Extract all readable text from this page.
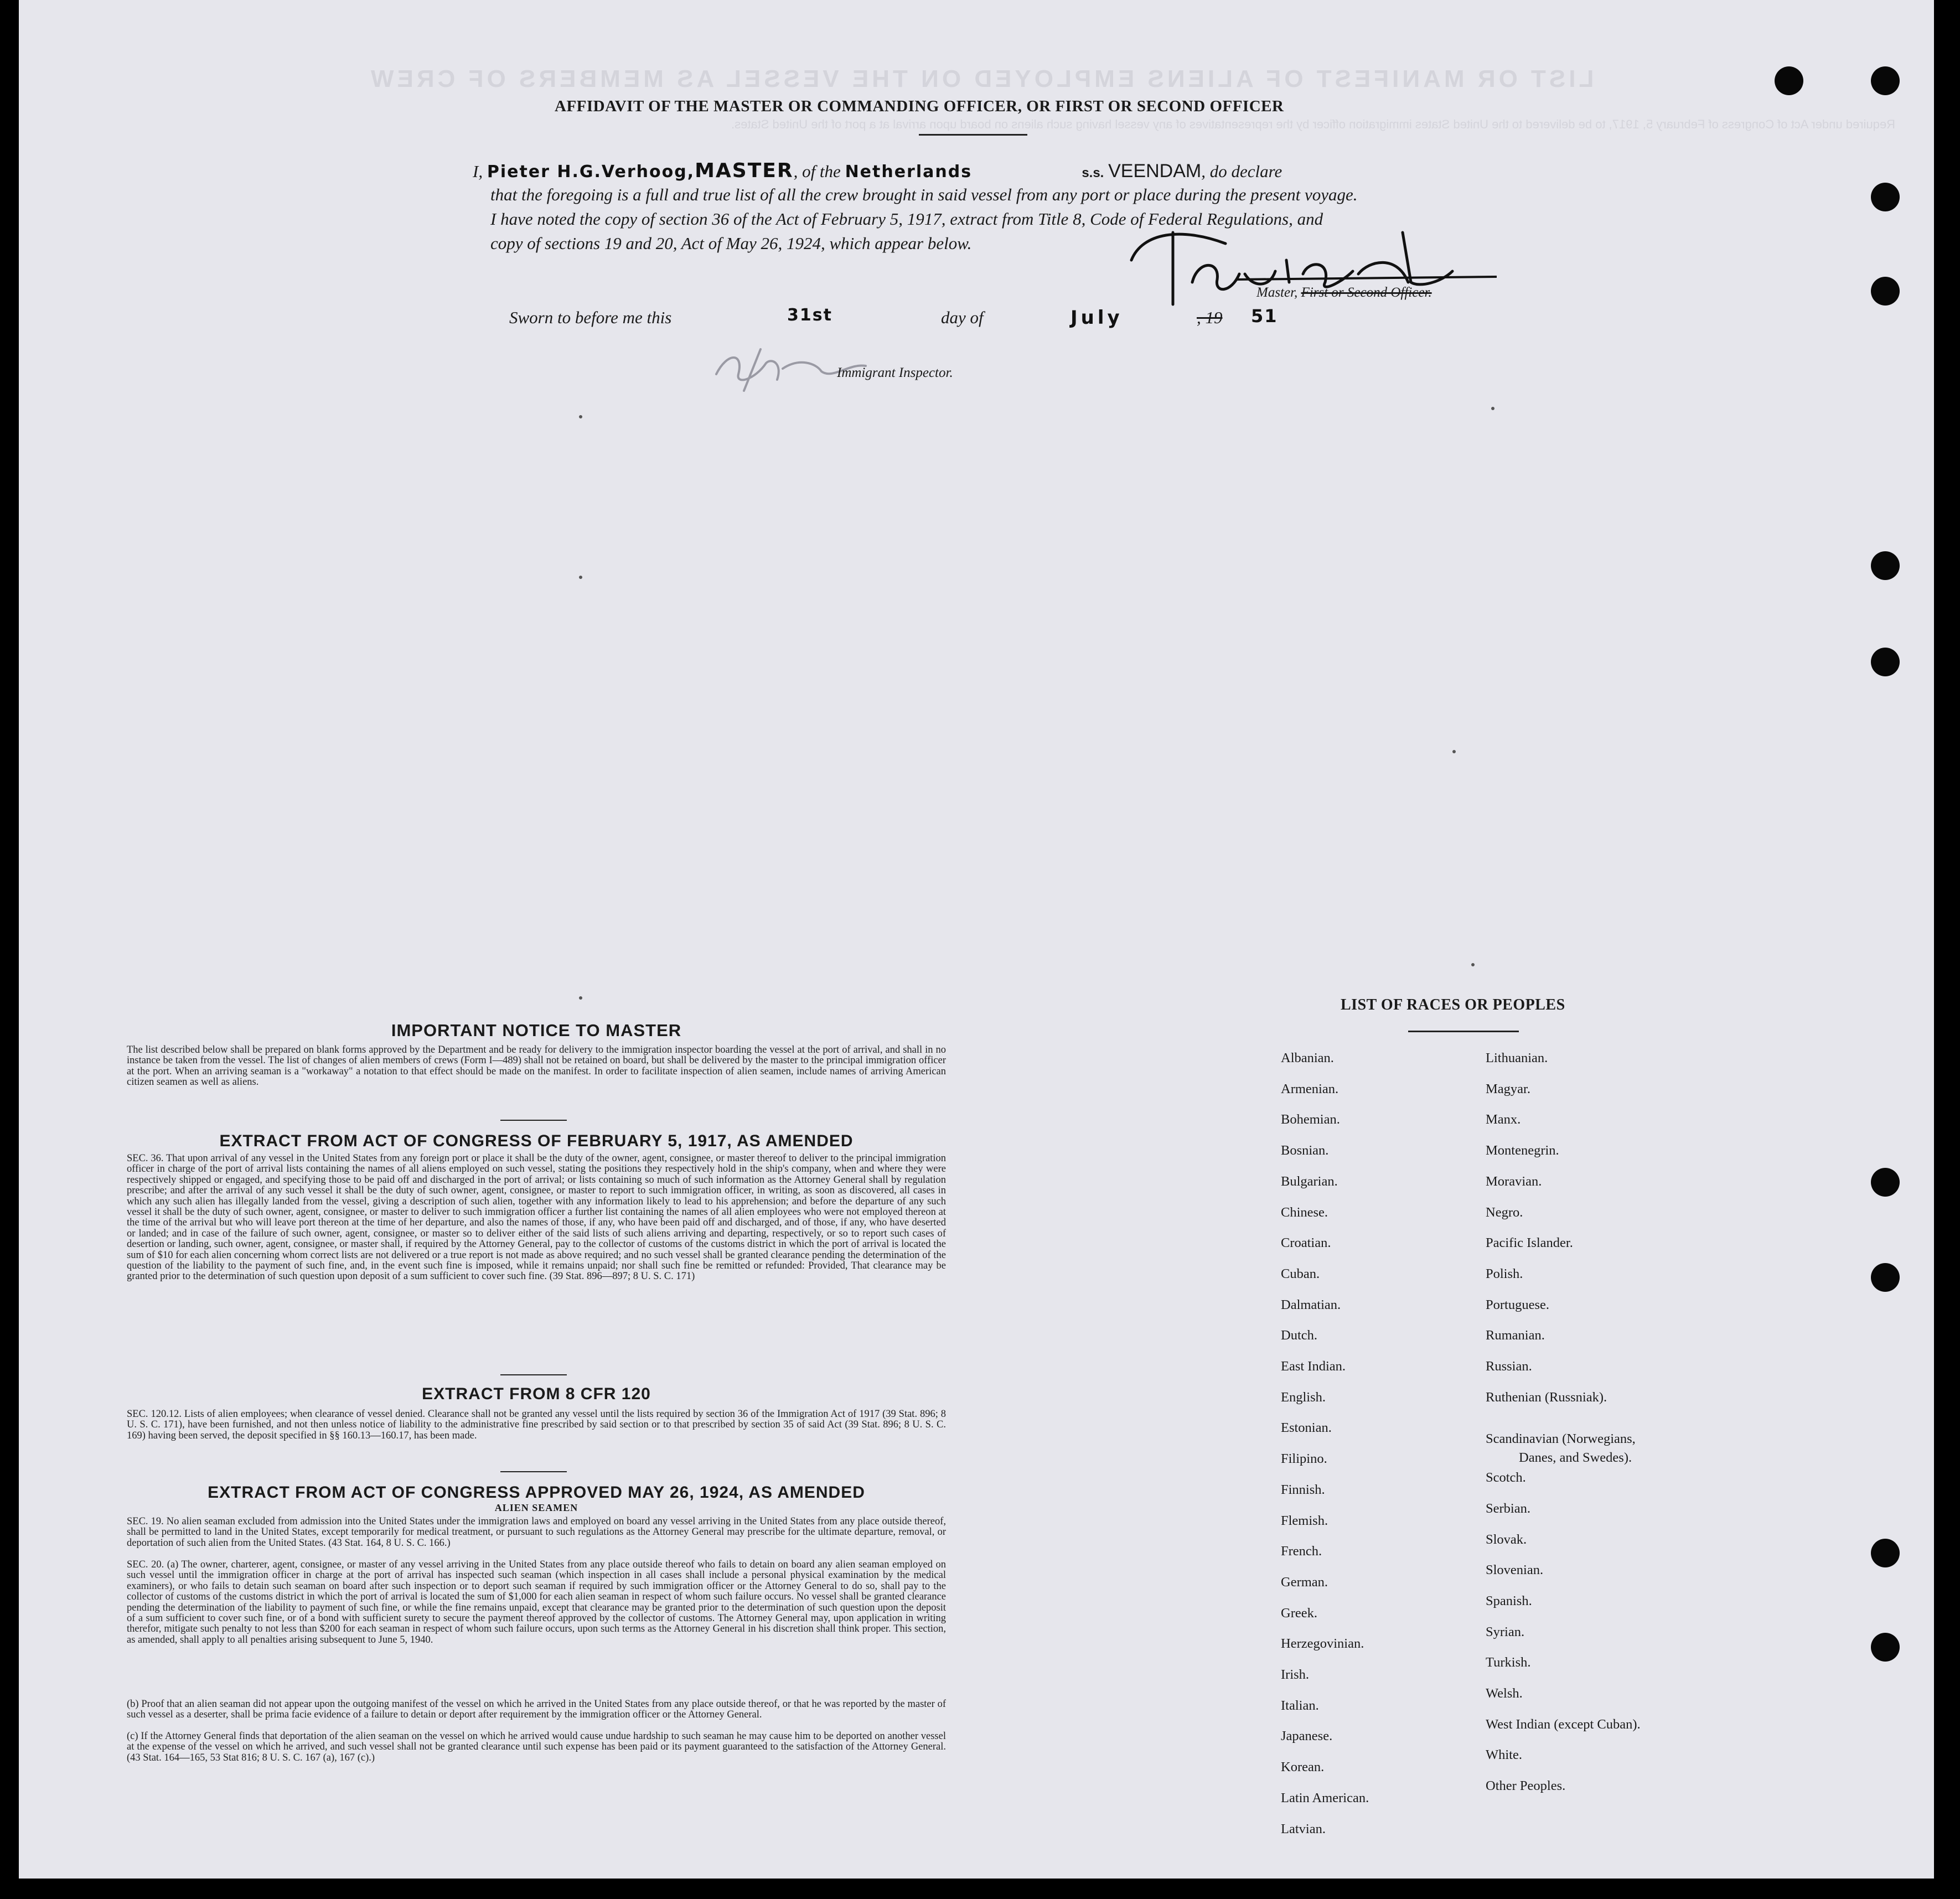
LIST OR MANIFEST OF ALIENS EMPLOYED ON THE VESSEL AS MEMBERS OF CREW
Required under Act of Congress of February 5, 1917, to be delivered to the United States immigration officer by the representatives of any vessel having such aliens on board upon arrival at a port of the United States.
AFFIDAVIT OF THE MASTER OR COMMANDING OFFICER, OR FIRST OR SECOND OFFICER
I, Pieter H.G.Verhoog,MASTER, of the Netherlands	s.s. VEENDAM, do declare
that the foregoing is a full and true list of all the crew brought in said vessel from any port or place during the present voyage.
I have noted the copy of section 36 of the Act of February 5, 1917, extract from Title 8, Code of Federal Regulations, and
copy of sections 19 and 20, Act of May 26, 1924, which appear below.
Master, First or Second Officer.
Sworn to before me this	31st	day of	July	, 19 51
Immigrant Inspector.
IMPORTANT NOTICE TO MASTER

The list described below shall be prepared on blank forms approved by the Department and be ready for delivery to the immigration inspector boarding the vessel at the port of arrival, and shall in no instance be taken from the vessel. The list of changes of alien members of crews (Form I—489) shall not be retained on board, but shall be delivered by the master to the principal immigration officer at the port. When an arriving seaman is a "workaway" a notation to that effect should be made on the manifest. In order to facilitate inspection of alien seamen, include names of arriving American citizen seamen as well as aliens.

EXTRACT FROM ACT OF CONGRESS OF FEBRUARY 5, 1917, AS AMENDED

SEC. 36. That upon arrival of any vessel in the United States from any foreign port or place it shall be the duty of the owner, agent, consignee, or master thereof to deliver to the principal immigration officer in charge of the port of arrival lists containing the names of all aliens employed on such vessel, stating the positions they respectively hold in the ship's company, when and where they were respectively shipped or engaged, and specifying those to be paid off and discharged in the port of arrival; or lists containing so much of such information as the Attorney General shall by regulation prescribe; and after the arrival of any such vessel it shall be the duty of such owner, agent, consignee, or master to report to such immigration officer, in writing, as soon as discovered, all cases in which any such alien has illegally landed from the vessel, giving a description of such alien, together with any information likely to lead to his apprehension; and before the departure of any such vessel it shall be the duty of such owner, agent, consignee, or master to deliver to such immigration officer a further list containing the names of all alien employees who were not employed thereon at the time of the arrival but who will leave port thereon at the time of her departure, and also the names of those, if any, who have been paid off and discharged, and of those, if any, who have deserted or landed; and in case of the failure of such owner, agent, consignee, or master so to deliver either of the said lists of such aliens arriving and departing, respectively, or so to report such cases of desertion or landing, such owner, agent, consignee, or master shall, if required by the Attorney General, pay to the collector of customs of the customs district in which the port of arrival is located the sum of $10 for each alien concerning whom correct lists are not delivered or a true report is not made as above required; and no such vessel shall be granted clearance pending the determination of the question of the liability to the payment of such fine, and, in the event such fine is imposed, while it remains unpaid; nor shall such fine be remitted or refunded: Provided, That clearance may be granted prior to the determination of such question upon deposit of a sum sufficient to cover such fine. (39 Stat. 896—897; 8 U. S. C. 171)

EXTRACT FROM 8 CFR 120

SEC. 120.12. Lists of alien employees; when clearance of vessel denied. Clearance shall not be granted any vessel until the lists required by section 36 of the Immigration Act of 1917 (39 Stat. 896; 8 U. S. C. 171), have been furnished, and not then unless notice of liability to the administrative fine prescribed by said section or to that prescribed by section 35 of said Act (39 Stat. 896; 8 U. S. C. 169) having been served, the deposit specified in §§ 160.13—160.17, has been made.

EXTRACT FROM ACT OF CONGRESS APPROVED MAY 26, 1924, AS AMENDED
ALIEN SEAMEN

SEC. 19. No alien seaman excluded from admission into the United States under the immigration laws and employed on board any vessel arriving in the United States from any place outside thereof, shall be permitted to land in the United States, except temporarily for medical treatment, or pursuant to such regulations as the Attorney General may prescribe for the ultimate departure, removal, or deportation of such alien from the United States. (43 Stat. 164, 8 U. S. C. 166.)

SEC. 20. (a) The owner, charterer, agent, consignee, or master of any vessel arriving in the United States from any place outside thereof who fails to detain on board any alien seaman employed on such vessel until the immigration officer in charge at the port of arrival has inspected such seaman (which inspection in all cases shall include a personal physical examination by the medical examiners), or who fails to detain such seaman on board after such inspection or to deport such seaman if required by such immigration officer or the Attorney General to do so, shall pay to the collector of customs of the customs district in which the port of arrival is located the sum of $1,000 for each alien seaman in respect of whom such failure occurs. No vessel shall be granted clearance pending the determination of the liability to payment of such fine, or while the fine remains unpaid, except that clearance may be granted prior to the determination of such question upon the deposit of a sum sufficient to cover such fine, or of a bond with sufficient surety to secure the payment thereof approved by the collector of customs. The Attorney General may, upon application in writing therefor, mitigate such penalty to not less than $200 for each seaman in respect of whom such failure occurs, upon such terms as the Attorney General in his discretion shall think proper. This section, as amended, shall apply to all penalties arising subsequent to June 5, 1940.

(b) Proof that an alien seaman did not appear upon the outgoing manifest of the vessel on which he arrived in the United States from any place outside thereof, or that he was reported by the master of such vessel as a deserter, shall be prima facie evidence of a failure to detain or deport after requirement by the immigration officer or the Attorney General.

(c) If the Attorney General finds that deportation of the alien seaman on the vessel on which he arrived would cause undue hardship to such seaman he may cause him to be deported on another vessel at the expense of the vessel on which he arrived, and such vessel shall not be granted clearance until such expense has been paid or its payment guaranteed to the satisfaction of the Attorney General. (43 Stat. 164—165, 53 Stat 816; 8 U. S. C. 167 (a), 167 (c).)

LIST OF RACES OR PEOPLES
Albanian.
Armenian.
Bohemian.
Bosnian.
Bulgarian.
Chinese.
Croatian.
Cuban.
Dalmatian.
Dutch.
East Indian.
English.
Estonian.
Filipino.
Finnish.
Flemish.
French.
German.
Greek.
Herzegovinian.
Irish.
Italian.
Japanese.
Korean.
Latin American.
Latvian.
Lithuanian.
Magyar.
Manx.
Montenegrin.
Moravian.
Negro.
Pacific Islander.
Polish.
Portuguese.
Rumanian.
Russian.
Ruthenian (Russniak).
Scandinavian (Norwegians,
Danes, and Swedes).
Scotch.
Serbian.
Slovak.
Slovenian.
Spanish.
Syrian.
Turkish.
Welsh.
West Indian (except Cuban).
White.
Other Peoples.
